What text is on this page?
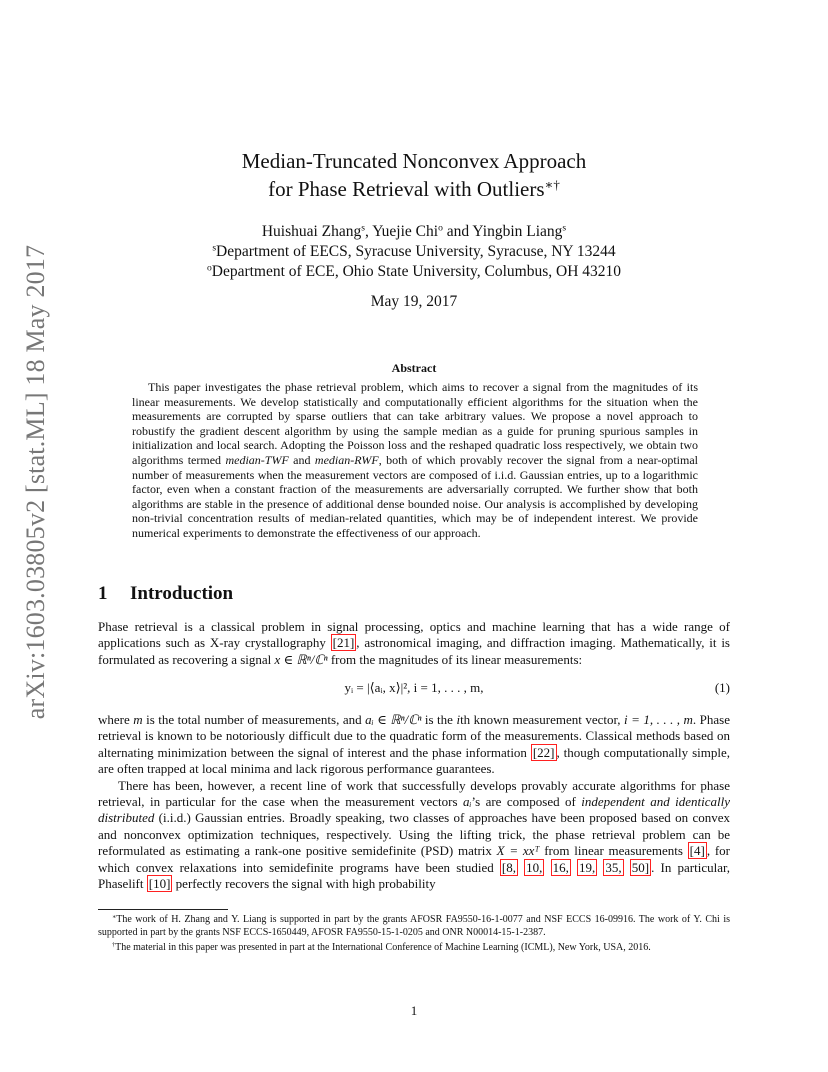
arXiv:1603.03805v2 [stat.ML] 18 May 2017
Median-Truncated Nonconvex Approach
for Phase Retrieval with Outliers∗†
Huishuai Zhang$^s$, Yuejie Chi$^o$ and Yingbin Liang$^s$
$^s$Department of EECS, Syracuse University, Syracuse, NY 13244
$^o$Department of ECE, Ohio State University, Columbus, OH 43210
May 19, 2017
Abstract

This paper investigates the phase retrieval problem, which aims to recover a signal from the magnitudes of its linear measurements. We develop statistically and computationally efficient algorithms for the situation when the measurements are corrupted by sparse outliers that can take arbitrary values. We propose a novel approach to robustify the gradient descent algorithm by using the sample median as a guide for pruning spurious samples in initialization and local search. Adopting the Poisson loss and the reshaped quadratic loss respectively, we obtain two algorithms termed median-TWF and median-RWF, both of which provably recover the signal from a near-optimal number of measurements when the measurement vectors are composed of i.i.d. Gaussian entries, up to a logarithmic factor, even when a constant fraction of the measurements are adversarially corrupted. We further show that both algorithms are stable in the presence of additional dense bounded noise. Our analysis is accomplished by developing non-trivial concentration results of median-related quantities, which may be of independent interest. We provide numerical experiments to demonstrate the effectiveness of our approach.

1 Introduction

Phase retrieval is a classical problem in signal processing, optics and machine learning that has a wide range of applications such as X-ray crystallography [21] , astronomical imaging, and diffraction imaging. Mathematically, it is formulated as recovering a signal x ∈ ℝⁿ/ℂⁿ from the magnitudes of its linear measurements:

yᵢ = |⟨aᵢ, x⟩|², i = 1, . . . , m,	(1)

where m is the total number of measurements, and aᵢ ∈ ℝⁿ/ℂⁿ is the ith known measurement vector, i = 1, . . . , m. Phase retrieval is known to be notoriously difficult due to the quadratic form of the measurements. Classical methods based on alternating minimization between the signal of interest and the phase information [22] , though computationally simple, are often trapped at local minima and lack rigorous performance guarantees.

There has been, however, a recent line of work that successfully develops provably accurate algorithms for phase retrieval, in particular for the case when the measurement vectors aᵢ’s are composed of independent and identically distributed (i.i.d.) Gaussian entries. Broadly speaking, two classes of approaches have been proposed based on convex and nonconvex optimization techniques, respectively. Using the lifting trick, the phase retrieval problem can be reformulated as estimating a rank-one positive semidefinite (PSD) matrix X = xxᵀ from linear measurements [4] , for which convex relaxations into semidefinite programs have been studied [8, 10, 16, 19, 35, 50] . In particular, Phaselift [10] perfectly recovers the signal with high probability

∗The work of H. Zhang and Y. Liang is supported in part by the grants AFOSR FA9550-16-1-0077 and NSF ECCS 16-09916. The work of Y. Chi is supported in part by the grants NSF ECCS-1650449, AFOSR FA9550-15-1-0205 and ONR N00014-15-1-2387.

†The material in this paper was presented in part at the International Conference of Machine Learning (ICML), New York, USA, 2016.

1
